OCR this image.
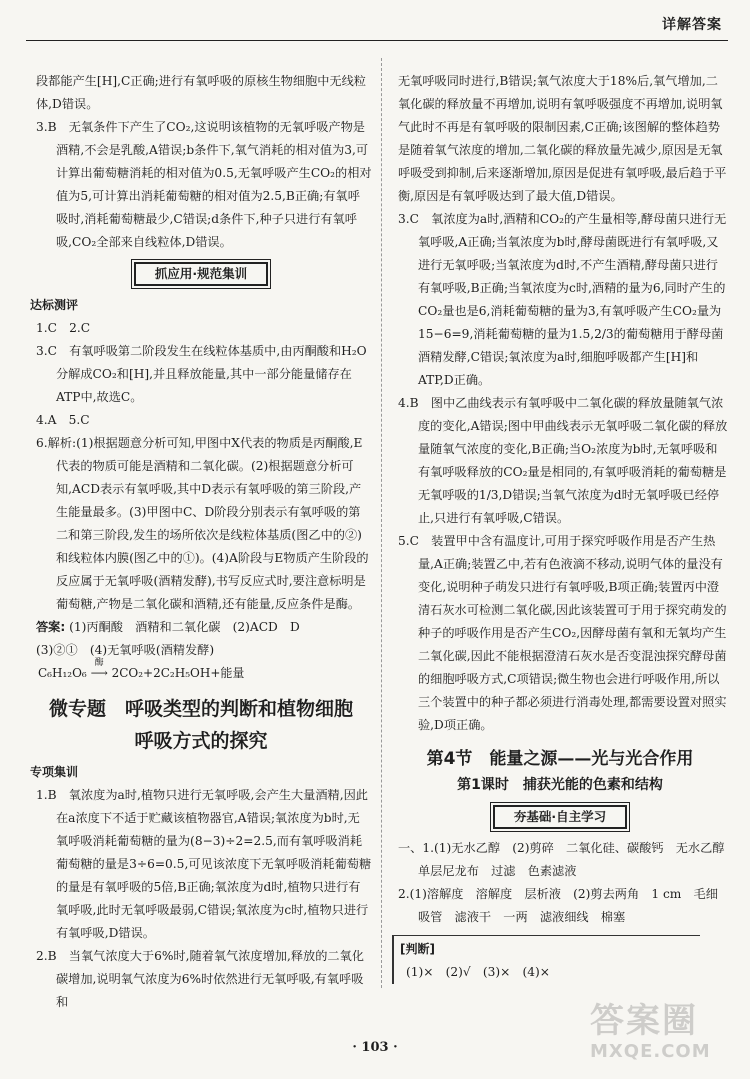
详解答案

段都能产生[H],C正确;进行有氧呼吸的原核生物细胞中无线粒体,D错误。

3.B　无氧条件下产生了CO₂,这说明该植物的无氧呼吸产物是酒精,不会是乳酸,A错误;b条件下,氧气消耗的相对值为3,可计算出葡萄糖消耗的相对值为0.5,无氧呼吸产生CO₂的相对值为5,可计算出消耗葡萄糖的相对值为2.5,B正确;有氧呼吸时,消耗葡萄糖最少,C错误;d条件下,种子只进行有氧呼吸,CO₂全部来自线粒体,D错误。

抓应用·规范集训
达标测评

1.C　2.C

3.C　有氧呼吸第二阶段发生在线粒体基质中,由丙酮酸和H₂O分解成CO₂和[H],并且释放能量,其中一部分能量储存在ATP中,故选C。

4.A　5.C

6.解析:(1)根据题意分析可知,甲图中X代表的物质是丙酮酸,E代表的物质可能是酒精和二氧化碳。(2)根据题意分析可知,ACD表示有氧呼吸,其中D表示有氧呼吸的第三阶段,产生能量最多。(3)甲图中C、D阶段分别表示有氧呼吸的第二和第三阶段,发生的场所依次是线粒体基质(图乙中的②)和线粒体内膜(图乙中的①)。(4)A阶段与E物质产生阶段的反应属于无氧呼吸(酒精发酵),书写反应式时,要注意标明是葡萄糖,产物是二氧化碳和酒精,还有能量,反应条件是酶。

答案: (1)丙酮酸　酒精和二氧化碳　(2)ACD　D

(3)②①　(4)无氧呼吸(酒精发酵)

C₆H₁₂O₆
酶
⟶ 2CO₂+2C₂H₅OH+能量

微专题　呼吸类型的判断和植物细胞
呼吸方式的探究
专项集训

1.B　氧浓度为a时,植物只进行无氧呼吸,会产生大量酒精,因此在a浓度下不适于贮藏该植物器官,A错误;氧浓度为b时,无氧呼吸消耗葡萄糖的量为(8−3)÷2=2.5,而有氧呼吸消耗葡萄糖的量是3÷6=0.5,可见该浓度下无氧呼吸消耗葡萄糖的量是有氧呼吸的5倍,B正确;氧浓度为d时,植物只进行有氧呼吸,此时无氧呼吸最弱,C错误;氧浓度为c时,植物只进行有氧呼吸,D错误。

2.B　当氧气浓度大于6%时,随着氧气浓度增加,释放的二氧化碳增加,说明氧气浓度为6%时依然进行无氧呼吸,有氧呼吸和

无氧呼吸同时进行,B错误;氧气浓度大于18%后,氧气增加,二氧化碳的释放量不再增加,说明有氧呼吸强度不再增加,说明氧气此时不再是有氧呼吸的限制因素,C正确;该图解的整体趋势是随着氧气浓度的增加,二氧化碳的释放量先减少,原因是无氧呼吸受到抑制,后来逐渐增加,原因是促进有氧呼吸,最后趋于平衡,原因是有氧呼吸达到了最大值,D错误。

3.C　氧浓度为a时,酒精和CO₂的产生量相等,酵母菌只进行无氧呼吸,A正确;当氧浓度为b时,酵母菌既进行有氧呼吸,又进行无氧呼吸;当氧浓度为d时,不产生酒精,酵母菌只进行有氧呼吸,B正确;当氧浓度为c时,酒精的量为6,同时产生的CO₂量也是6,消耗葡萄糖的量为3,有氧呼吸产生CO₂量为15−6=9,消耗葡萄糖的量为1.5,2/3的葡萄糖用于酵母菌酒精发酵,C错误;氧浓度为a时,细胞呼吸都产生[H]和ATP,D正确。

4.B　图中乙曲线表示有氧呼吸中二氧化碳的释放量随氧气浓度的变化,A错误;图中甲曲线表示无氧呼吸二氧化碳的释放量随氧气浓度的变化,B正确;当O₂浓度为b时,无氧呼吸和有氧呼吸释放的CO₂量是相同的,有氧呼吸消耗的葡萄糖是无氧呼吸的1/3,D错误;当氧气浓度为d时无氧呼吸已经停止,只进行有氧呼吸,C错误。

5.C　装置甲中含有温度计,可用于探究呼吸作用是否产生热量,A正确;装置乙中,若有色液滴不移动,说明气体的量没有变化,说明种子萌发只进行有氧呼吸,B项正确;装置丙中澄清石灰水可检测二氧化碳,因此该装置可于用于探究萌发的种子的呼吸作用是否产生CO₂,因酵母菌有氧和无氧均产生二氧化碳,因此不能根据澄清石灰水是否变混浊探究酵母菌的细胞呼吸方式,C项错误;微生物也会进行呼吸作用,所以三个装置中的种子都必须进行消毒处理,都需要设置对照实验,D项正确。

第4节　能量之源——光与光合作用
第1课时　捕获光能的色素和结构
夯基础·自主学习

一、1.(1)无水乙醇　(2)剪碎　二氧化硅、碳酸钙　无水乙醇　单层尼龙布　过滤　色素滤液

2.(1)溶解度　溶解度　层析液　(2)剪去两角　1 cm　毛细吸管　滤液干　一两　滤液细线　棉塞

[判断]
(1)×　(2)√　(3)×　(4)×
· 103 ·
答案圈
MXQE.COM
